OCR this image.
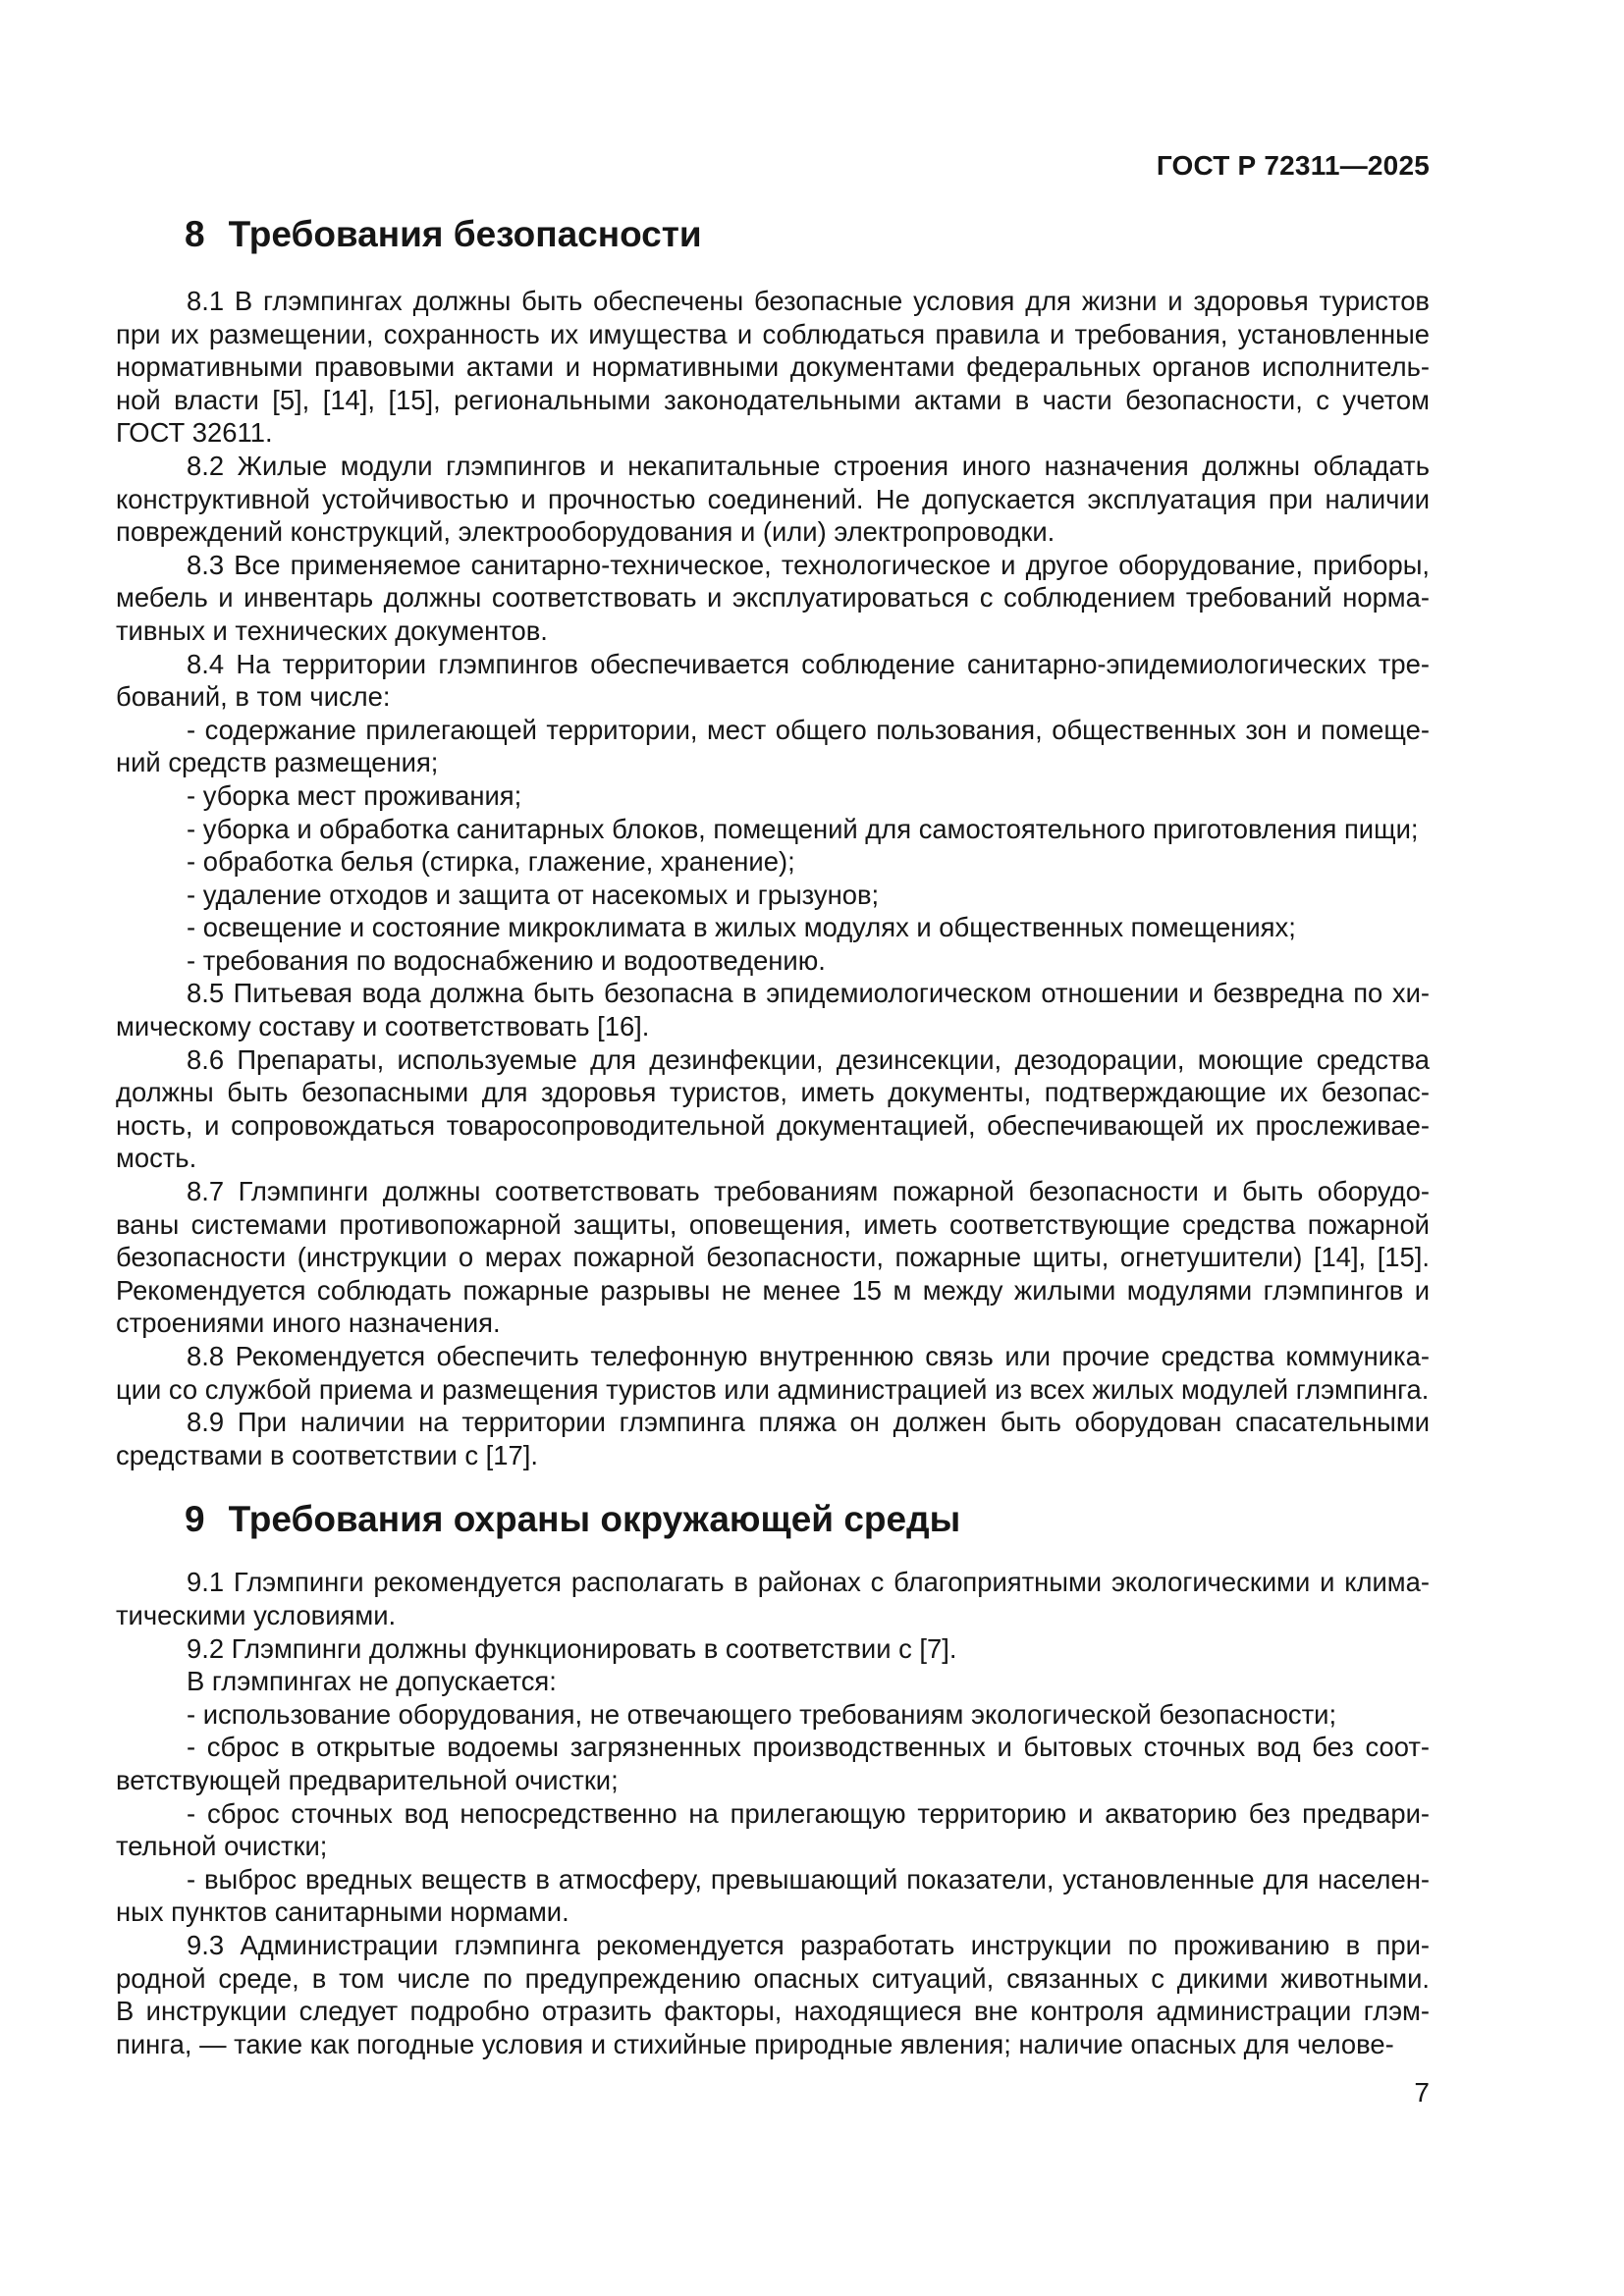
ГОСТ Р 72311—2025
8 Требования безопасности
8.1 В глэмпингах должны быть обеспечены безопасные условия для жизни и здоровья туристов
при их размещении, сохранность их имущества и соблюдаться правила и требования, установленные
нормативными правовыми актами и нормативными документами федеральных органов исполнитель-
ной власти [5], [14], [15], региональными законодательными актами в части безопасности, с учетом
ГОСТ 32611.
8.2 Жилые модули глэмпингов и некапитальные строения иного назначения должны обладать
конструктивной устойчивостью и прочностью соединений. Не допускается эксплуатация при наличии
повреждений конструкций, электрооборудования и (или) электропроводки.
8.3 Все применяемое санитарно-техническое, технологическое и другое оборудование, приборы,
мебель и инвентарь должны соответствовать и эксплуатироваться с соблюдением требований норма-
тивных и технических документов.
8.4 На территории глэмпингов обеспечивается соблюдение санитарно-эпидемиологических тре-
бований, в том числе:
- содержание прилегающей территории, мест общего пользования, общественных зон и помеще-
ний средств размещения;
- уборка мест проживания;
- уборка и обработка санитарных блоков, помещений для самостоятельного приготовления пищи;
- обработка белья (стирка, глажение, хранение);
- удаление отходов и защита от насекомых и грызунов;
- освещение и состояние микроклимата в жилых модулях и общественных помещениях;
- требования по водоснабжению и водоотведению.
8.5 Питьевая вода должна быть безопасна в эпидемиологическом отношении и безвредна по хи-
мическому составу и соответствовать [16].
8.6 Препараты, используемые для дезинфекции, дезинсекции, дезодорации, моющие средства
должны быть безопасными для здоровья туристов, иметь документы, подтверждающие их безопас-
ность, и сопровождаться товаросопроводительной документацией, обеспечивающей их прослеживае-
мость.
8.7 Глэмпинги должны соответствовать требованиям пожарной безопасности и быть оборудо-
ваны системами противопожарной защиты, оповещения, иметь соответствующие средства пожарной
безопасности (инструкции о мерах пожарной безопасности, пожарные щиты, огнетушители) [14], [15].
Рекомендуется соблюдать пожарные разрывы не менее 15 м между жилыми модулями глэмпингов и
строениями иного назначения.
8.8 Рекомендуется обеспечить телефонную внутреннюю связь или прочие средства коммуника-
ции со службой приема и размещения туристов или администрацией из всех жилых модулей глэмпинга.
8.9 При наличии на территории глэмпинга пляжа он должен быть оборудован спасательными
средствами в соответствии с [17].
9 Требования охраны окружающей среды
9.1 Глэмпинги рекомендуется располагать в районах с благоприятными экологическими и клима-
тическими условиями.
9.2 Глэмпинги должны функционировать в соответствии с [7].
В глэмпингах не допускается:
- использование оборудования, не отвечающего требованиям экологической безопасности;
- сброс в открытые водоемы загрязненных производственных и бытовых сточных вод без соот-
ветствующей предварительной очистки;
- сброс сточных вод непосредственно на прилегающую территорию и акваторию без предвари-
тельной очистки;
- выброс вредных веществ в атмосферу, превышающий показатели, установленные для населен-
ных пунктов санитарными нормами.
9.3 Администрации глэмпинга рекомендуется разработать инструкции по проживанию в при-
родной среде, в том числе по предупреждению опасных ситуаций, связанных с дикими животными.
В инструкции следует подробно отразить факторы, находящиеся вне контроля администрации глэм-
пинга, — такие как погодные условия и стихийные природные явления; наличие опасных для челове-
7
